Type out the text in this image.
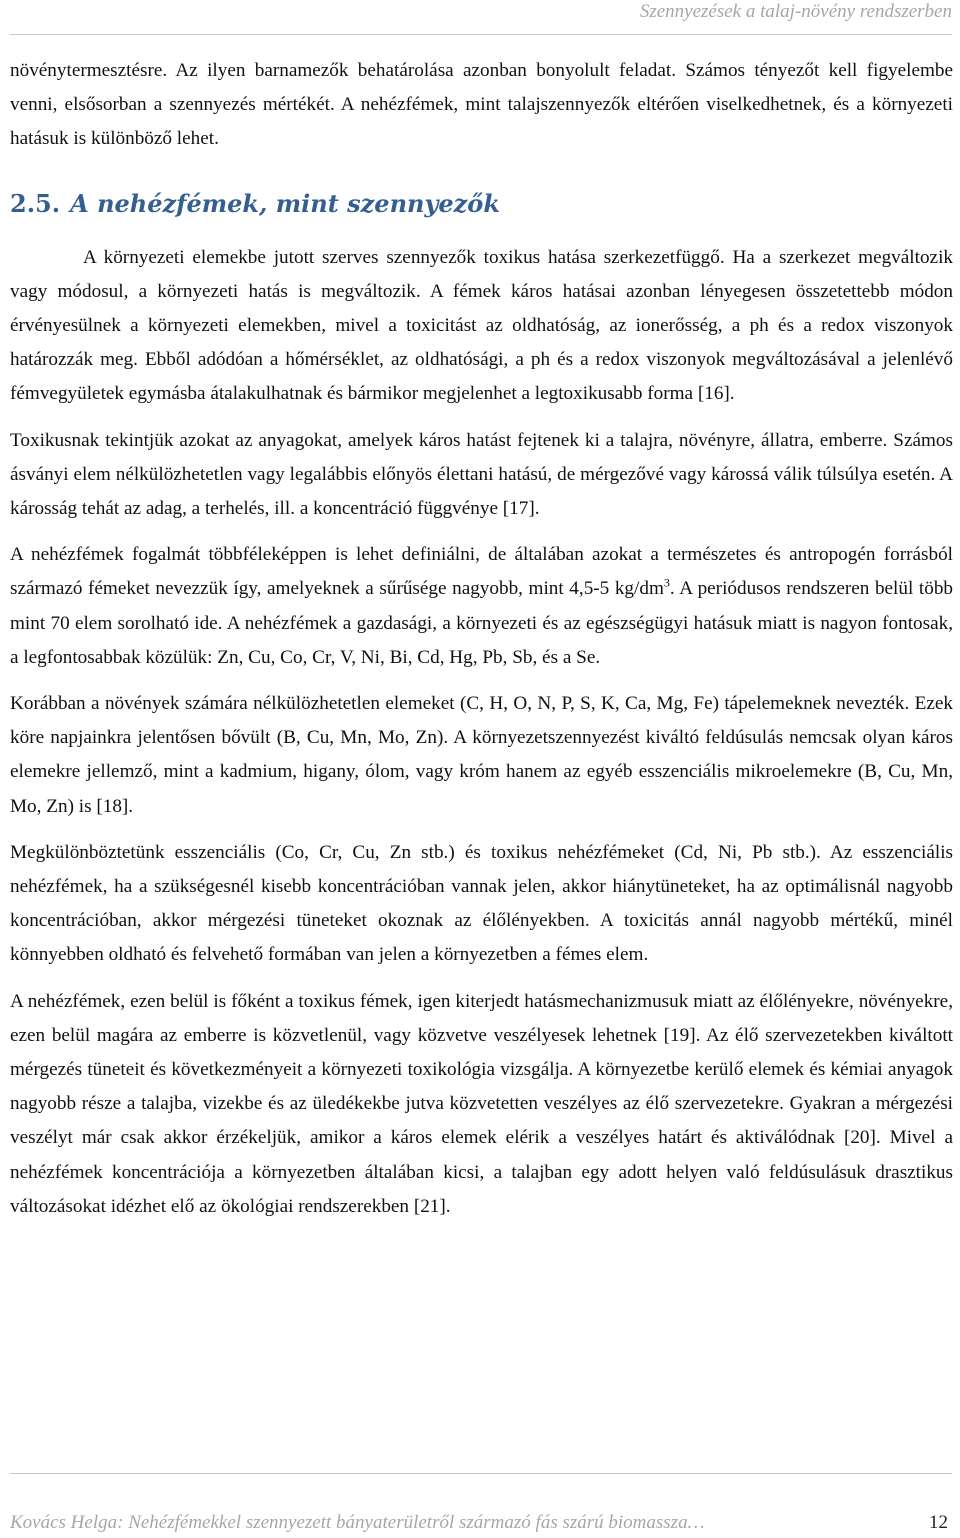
Szennyezések a talaj-növény rendszerben

növénytermesztésre. Az ilyen barnamezők behatárolása azonban bonyolult feladat. Számos tényezőt kell figyelembe venni, elsősorban a szennyezés mértékét. A nehézfémek, mint talajszennyezők eltérően viselkedhetnek, és a környezeti hatásuk is különböző lehet.

2.5. A nehézfémek, mint szennyezők

A környezeti elemekbe jutott szerves szennyezők toxikus hatása szerkezetfüggő. Ha a szerkezet megváltozik vagy módosul, a környezeti hatás is megváltozik. A fémek káros hatásai azonban lényegesen összetettebb módon érvényesülnek a környezeti elemekben, mivel a toxicitást az oldhatóság, az ionerősség, a ph és a redox viszonyok határozzák meg. Ebből adódóan a hőmérséklet, az oldhatósági, a ph és a redox viszonyok megváltozásával a jelenlévő fémvegyületek egymásba átalakulhatnak és bármikor megjelenhet a legtoxikusabb forma [16].

Toxikusnak tekintjük azokat az anyagokat, amelyek káros hatást fejtenek ki a talajra, növényre, állatra, emberre. Számos ásványi elem nélkülözhetetlen vagy legalábbis előnyös élettani hatású, de mérgezővé vagy károssá válik túlsúlya esetén. A károsság tehát az adag, a terhelés, ill. a koncentráció függvénye [17].

A nehézfémek fogalmát többféleképpen is lehet definiálni, de általában azokat a természetes és antropogén forrásból származó fémeket nevezzük így, amelyeknek a sűrűsége nagyobb, mint 4,5-5 $kg/dm^3$. A periódusos rendszeren belül több mint 70 elem sorolható ide. A nehézfémek a gazdasági, a környezeti és az egészségügyi hatásuk miatt is nagyon fontosak, a legfontosabbak közülük: Zn, Cu, Co, Cr, V, Ni, Bi, Cd, Hg, Pb, Sb, és a Se.

Korábban a növények számára nélkülözhetetlen elemeket (C, H, O, N, P, S, K, Ca, Mg, Fe) tápelemeknek nevezték. Ezek köre napjainkra jelentősen bővült (B, Cu, Mn, Mo, Zn). A környezetszennyezést kiváltó feldúsulás nemcsak olyan káros elemekre jellemző, mint a kadmium, higany, ólom, vagy króm hanem az egyéb esszenciális mikroelemekre (B, Cu, Mn, Mo, Zn) is [18].

Megkülönböztetünk esszenciális (Co, Cr, Cu, Zn stb.) és toxikus nehézfémeket (Cd, Ni, Pb stb.). Az esszenciális nehézfémek, ha a szükségesnél kisebb koncentrációban vannak jelen, akkor hiánytüneteket, ha az optimálisnál nagyobb koncentrációban, akkor mérgezési tüneteket okoznak az élőlényekben. A toxicitás annál nagyobb mértékű, minél könnyebben oldható és felvehető formában van jelen a környezetben a fémes elem.

A nehézfémek, ezen belül is főként a toxikus fémek, igen kiterjedt hatásmechanizmusuk miatt az élőlényekre, növényekre, ezen belül magára az emberre is közvetlenül, vagy közvetve veszélyesek lehetnek [19]. Az élő szervezetekben kiváltott mérgezés tüneteit és következményeit a környezeti toxikológia vizsgálja. A környezetbe kerülő elemek és kémiai anyagok nagyobb része a talajba, vizekbe és az üledékekbe jutva közvetetten veszélyes az élő szervezetekre. Gyakran a mérgezési veszélyt már csak akkor érzékeljük, amikor a káros elemek elérik a veszélyes határt és aktiválódnak [20]. Mivel a nehézfémek koncentrációja a környezetben általában kicsi, a talajban egy adott helyen való feldúsulásuk drasztikus változásokat idézhet elő az ökológiai rendszerekben [21].

Kovács Helga: Nehézfémekkel szennyezett bányaterületről származó fás szárú biomassza…	12
